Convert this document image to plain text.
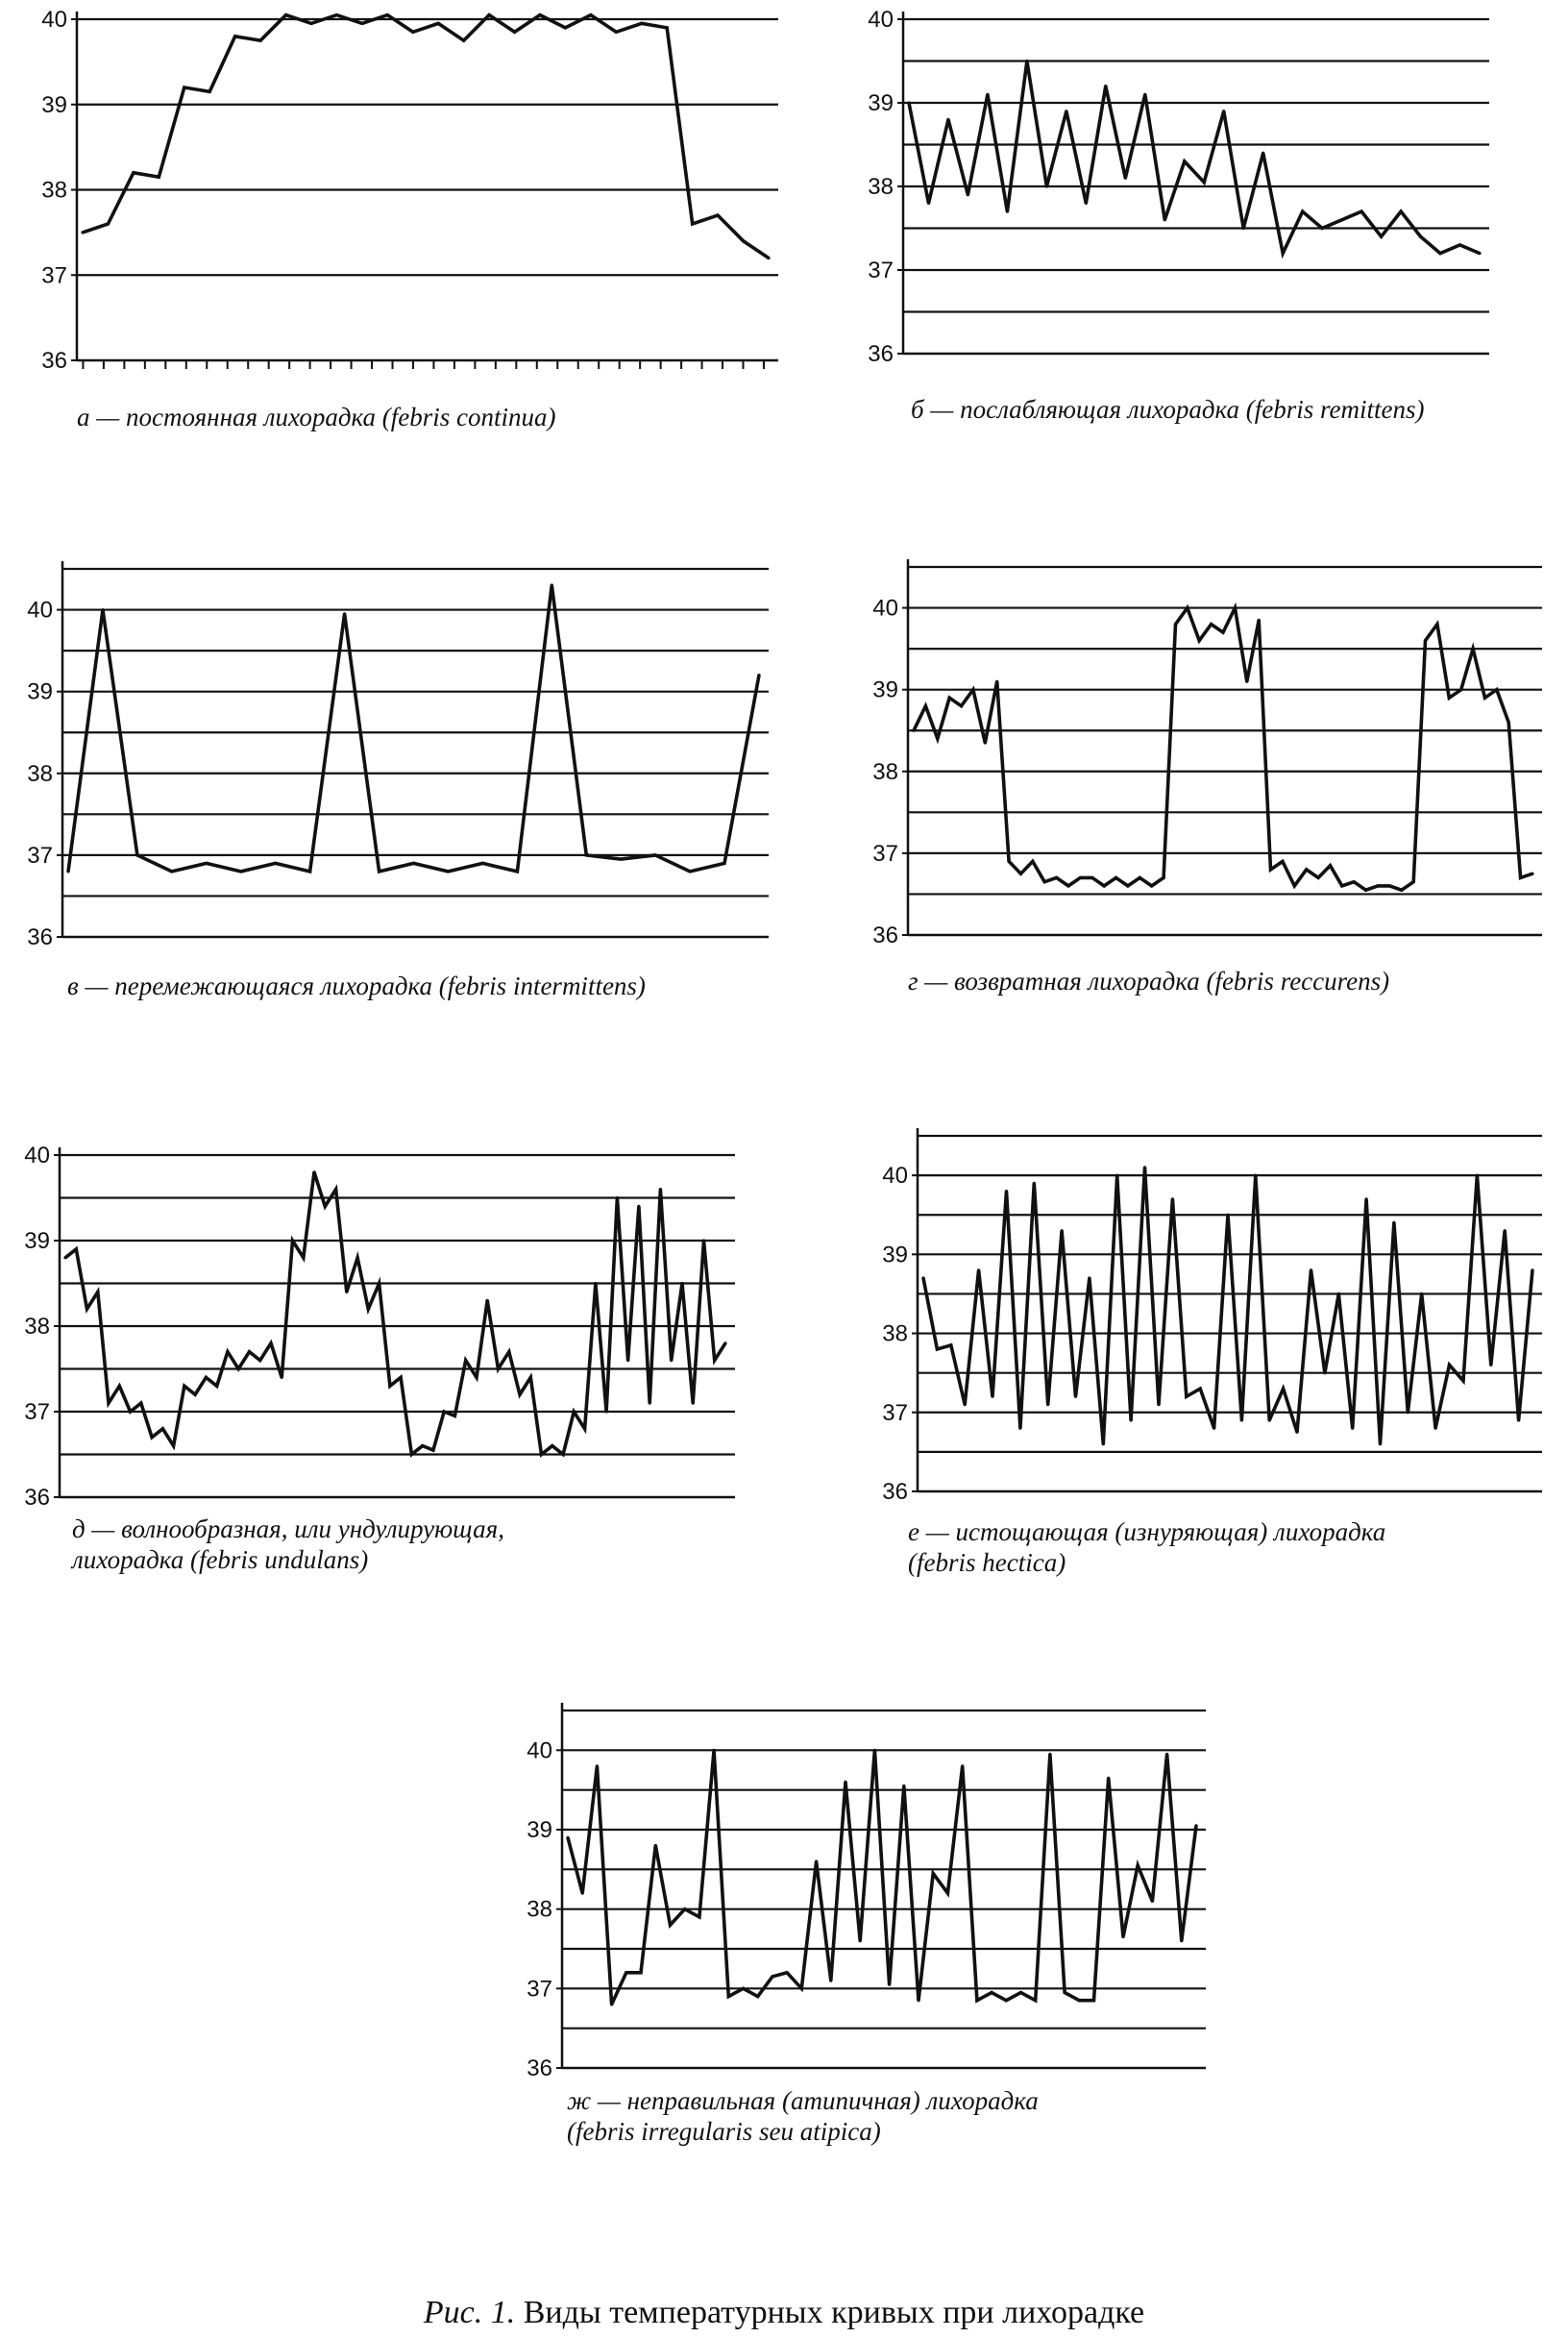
36
37
38
39
40
а — постоянная лихорадка (febris continua)
36
37
38
39
40
б — послабляющая лихорадка (febris remittens)
36
37
38
39
40
в — перемежающаяся лихорадка (febris intermittens)
36
37
38
39
40
г — возвратная лихорадка (febris reccurens)
36
37
38
39
40
д — волнообразная, или ундулирующая,
лихорадка (febris undulans)
36
37
38
39
40
е — истощающая (изнуряющая) лихорадка
(febris hectica)
36
37
38
39
40
ж — неправильная (атипичная) лихорадка
(febris irregularis seu atipica)
Рис. 1. Виды температурных кривых при лихорадке
